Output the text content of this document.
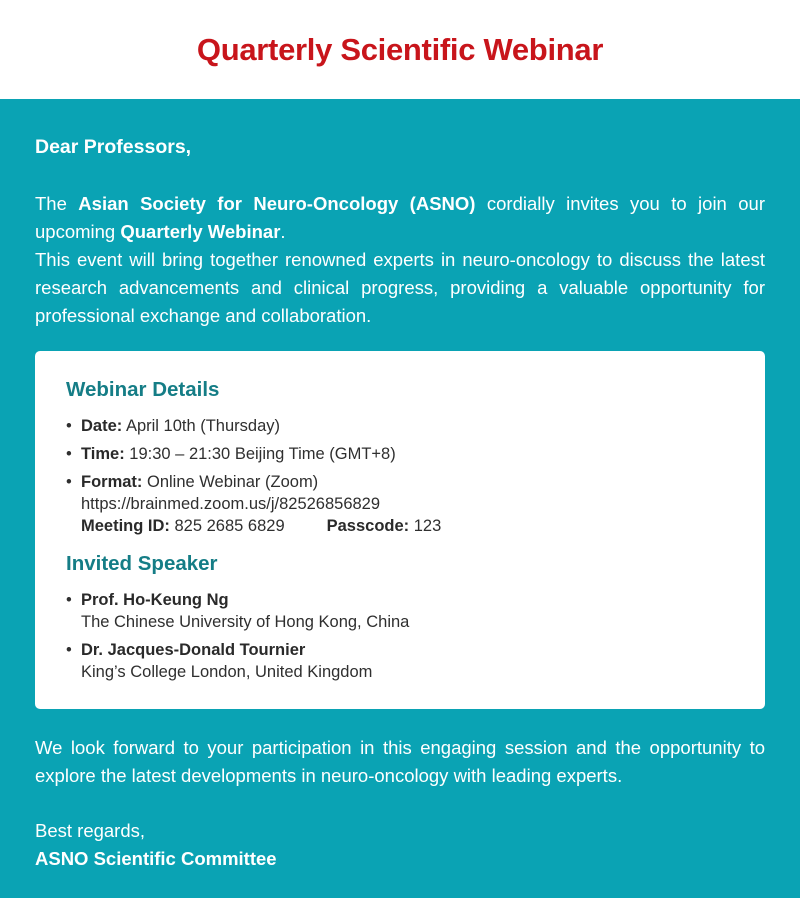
Quarterly Scientific Webinar

Dear Professors,

The Asian Society for Neuro-Oncology (ASNO) cordially invites you to join our upcoming Quarterly Webinar.
This event will bring together renowned experts in neuro-oncology to discuss the latest research advancements and clinical progress, providing a valuable opportunity for professional exchange and collaboration.

Webinar Details
• Date: April 10th (Thursday)
• Time: 19:30 – 21:30 Beijing Time (GMT+8)
• Format: Online Webinar (Zoom)
https://brainmed.zoom.us/j/82526856829
Meeting ID: 825 2685 6829	Passcode: 123
Invited Speaker
• Prof. Ho-Keung Ng
The Chinese University of Hong Kong, China
• Dr. Jacques-Donald Tournier
King’s College London, United Kingdom

We look forward to your participation in this engaging session and the opportunity to explore the latest developments in neuro-oncology with leading experts.

Best regards,
ASNO Scientific Committee
